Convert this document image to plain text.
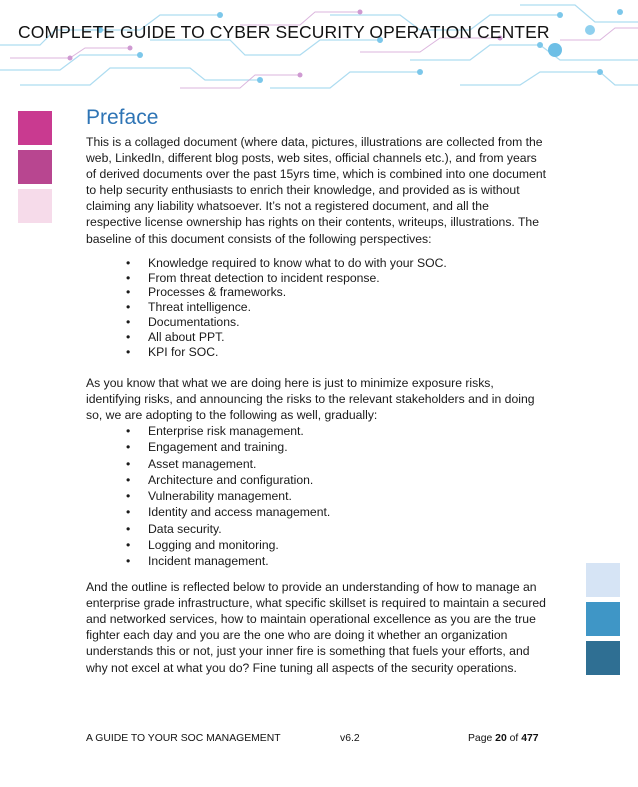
COMPLETE GUIDE TO CYBER SECURITY OPERATION CENTER
Preface

This is a collaged document (where data, pictures, illustrations are collected from the web, LinkedIn, different blog posts, web sites, official channels etc.), and from years of derived documents over the past 15yrs time, which is combined into one document to help security enthusiasts to enrich their knowledge, and provided as is without claiming any liability whatsoever. It’s not a registered document, and all the respective license ownership has rights on their contents, writeups, illustrations. The baseline of this document consists of the following perspectives:

• Knowledge required to know what to do with your SOC.
• From threat detection to incident response.
• Processes & frameworks.
• Threat intelligence.
• Documentations.
• All about PPT.
• KPI for SOC.

As you know that what we are doing here is just to minimize exposure risks, identifying risks, and announcing the risks to the relevant stakeholders and in doing so, we are adopting to the following as well, gradually:

• Enterprise risk management.
• Engagement and training.
• Asset management.
• Architecture and configuration.
• Vulnerability management.
• Identity and access management.
• Data security.
• Logging and monitoring.
• Incident management.

And the outline is reflected below to provide an understanding of how to manage an enterprise grade infrastructure, what specific skillset is required to maintain a secured and networked services, how to maintain operational excellence as you are the true fighter each day and you are the one who are doing it whether an organization understands this or not, just your inner fire is something that fuels your efforts, and why not excel at what you do? Fine tuning all aspects of the security operations.

A GUIDE TO YOUR SOC MANAGEMENT	v6.2	Page 20 of 477
